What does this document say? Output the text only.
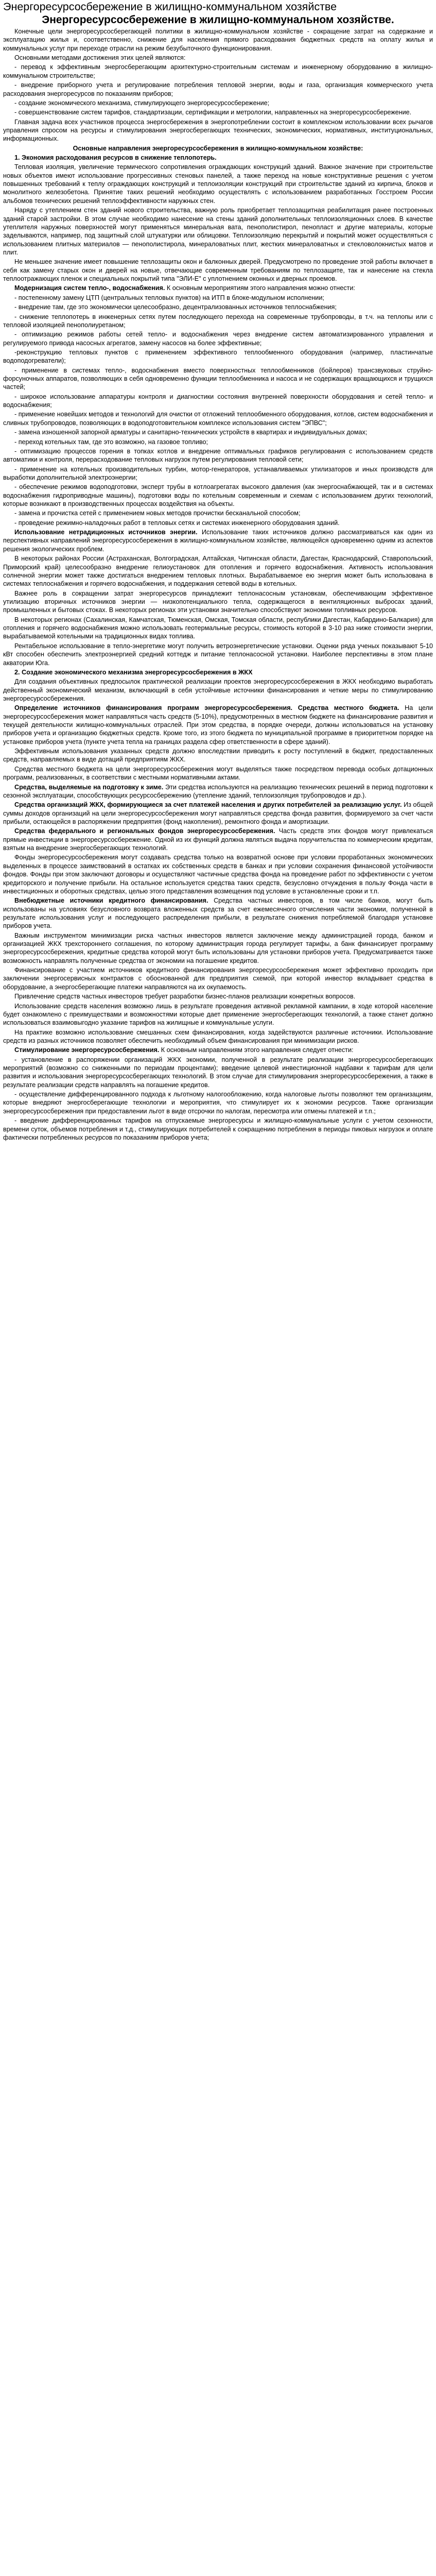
Энергоресурсосбережение в жилищно-коммунальном хозяйстве
Энергоресурсосбережение в жилищно-коммунальном хозяйстве.

Конечные цели энергоресурсосберегающей политики в жилищно-коммунальном хозяйстве - сокращение затрат на содержание и эксплуатацию жилья и, соответственно, снижение для населения прямого расходования бюджетных средств на оплату жилья и коммунальных услуг при переходе отрасли на режим безубыточного функционирования.

Основными методами достижения этих целей являются:

- перевод к эффективным энергосберегающим архитектурно-строительным системам и инженерному оборудованию в жилищно-коммунальном строительстве;

- внедрение приборного учета и регулирование потребления тепловой энергии, воды и газа, организация коммерческого учета расходования энергоресурсов по показаниям приборов;

- создание экономического механизма, стимулирующего энергоресурсосбережение;

- совершенствование систем тарифов, стандартизации, сертификации и метрологии, направленных на энергоресурсосбережение.

Главная задача всех участников процесса энергосбережения в энергопотреблении состоит в комплексном использовании всех рычагов управления спросом на ресурсы и стимулирования энергосберегающих технических, экономических, нормативных, институциональных, информационных.

Основные направления энергоресурсосбережения в жилищно-коммунальном хозяйстве:

1. Экономия расходования ресурсов в снижение теплопотерь.

Тепловая изоляция, увеличение термического сопротивления ограждающих конструкций зданий. Важное значение при строительстве новых объектов имеют использование прогрессивных стеновых панелей, а также переход на новые конструктивные решения с учетом повышенных требований к теплу ограждающих конструкций и теплоизоляции конструкций при строительстве зданий из кирпича, блоков и монолитного железобетона. Принятие таких решений необходимо осуществлять с использованием разработанных Госстроем России альбомов технических решений теплоэффективности наружных стен.

Наряду с утеплением стен зданий нового строительства, важную роль приобретает теплозащитная реабилитация ранее построенных зданий старой застройки. В этом случае необходимо нанесение на стены зданий дополнительных теплоизоляционных слоев. В качестве утеплителя наружных поверхностей могут применяться минеральная вата, пенополистирол, пенопласт и другие материалы, которые заделываются, например, под защитный слой штукатурки или облицовки. Теплоизоляцию перекрытий и покрытий может осуществляться с использованием плитных материалов — пенополистирола, минераловатных плит, жестких минераловатных и стекловолокнистых матов и плит.

Не меньшее значение имеет повышение теплозащиты окон и балконных дверей. Предусмотрено по проведение этой работы включает в себя как замену старых окон и дверей на новые, отвечающие современным требованиям по теплозащите, так и нанесение на стекла теплоотражающих пленок и специальных покрытий типа "ЭЛИ-Е" с уплотнением оконных и дверных проемов.

Модернизация систем тепло-, водоснабжения. К основным мероприятиям этого направления можно отнести:

- постепенному замену ЦТП (центральных тепловых пунктов) на ИТП в блоке-модульном исполнении;

- внедрение там, где это экономически целесообразно, децентрализованных источников теплоснабжения;

- снижение теплопотерь в инженерных сетях путем последующего перехода на современные трубопроводы, в т.ч. на теплопы или с тепловой изоляцией пенополиуретаном;

- оптимизацию режимов работы сетей тепло- и водоснабжения через внедрение систем автоматизированного управления и регулируемого привода насосных агрегатов, замену насосов на более эффективные;

-реконструкцию тепловых пунктов с применением эффективного теплообменного оборудования (например, пластинчатые водоподогреватели);

- применение в системах тепло-, водоснабжения вместо поверхностных теплообменников (бойлеров) трансзвуковых струйно-форсуночных аппаратов, позволяющих в себя одновременно функции теплообменника и насоса и не содержащих вращающихся и трущихся частей;

- широкое использование аппаратуры контроля и диагностики состояния внутренней поверхности оборудования и сетей тепло- и водоснабжения;

- применение новейших методов и технологий для очистки от отложений теплообменного оборудования, котлов, систем водоснабжения и сливных трубопроводов, позволяющих в водоподготовительном комплексе использования систем "ЭПВС";

- замена изношенной запорной арматуры и санитарно-технических устройств в квартирах и индивидуальных домах;

- переход котельных там, где это возможно, на газовое топливо;

- оптимизацию процессов горения в топках котлов и внедрение оптимальных графиков регулирования с использованием средств автоматики и контроля, перерасходование тепловых нагрузок путем регулирования тепловой сети;

- применение на котельных производительных турбин, мотор-генераторов, устанавливаемых утилизаторов и иных производств для выработки дополнительной электроэнергии;

- обеспечение режимов водоподготовки, эксперт трубы в котлоагрегатах высокого давления (как энергоснабжающей, так и в системах водоснабжения гидроприводные машины), подготовки воды по котельным современным и схемам с использованием других технологий, которые возникают в производственных процессах воздействия на объекты.

- замена и прочистка сетей с применением новых методов прочистки бесканальной способом;

- проведение режимно-наладочных работ в тепловых сетях и системах инженерного оборудования зданий.

Использование нетрадиционных источников энергии. Использование таких источников должно рассматриваться как один из перспективных направлений энергоресурсосбережения в жилищно-коммунальном хозяйстве, являющейся одновременно одним из аспектов решения экологических проблем.

В некоторых районах России (Астраханская, Волгоградская, Алтайская, Читинская области, Дагестан, Краснодарский, Ставропольский, Приморский край) целесообразно внедрение гелиоустановок для отопления и горячего водоснабжения. Активность использования солнечной энергии может также достигаться внедрением тепловых плотных. Вырабатываемое ею энергия может быть использована в системах теплоснабжения и горячего водоснабжения, и поддержания сетевой воды в котельных.

Важнее роль в сокращении затрат энергоресурсов принадлежит теплонасосным установкам, обеспечивающим эффективное утилизацию вторичных источников энергии — низкопотенциального тепла, содержащегося в вентиляционных выбросах зданий, промышленных и бытовых стоках. В некоторых регионах эти установки значительно способствуют экономии топливных ресурсов.

В некоторых регионах (Сахалинская, Камчатская, Тюменская, Омская, Томская области, республики Дагестан, Кабардино-Балкария) для отопления и горячего водоснабжения можно использовать геотермальные ресурсы, стоимость которой в 3-10 раз ниже стоимости энергии, вырабатываемой котельными на традиционных видах топлива.

Рентабельное использование в тепло-энергетике могут получить ветроэнергетические установки. Оценки ряда ученых показывают 5-10 кВт способен обеспечить электроэнергией средний коттедж и питание теплонасосной установки. Наиболее перспективны в этом плане акватории Юга.

2. Создание экономического механизма энергоресурсосбережения в ЖКХ

Для создания объективных предпосылок практической реализации проектов энергоресурсосбережения в ЖКХ необходимо выработать действенный экономический механизм, включающий в себя устойчивые источники финансирования и четкие меры по стимулированию энергоресурсосбережения.

Определение источников финансирования программ энергоресурсосбережения. Средства местного бюджета. На цели энергоресурсосбережения может направляться часть средств (5-10%), предусмотренных в местном бюджете на финансирование развития и текущей деятельности жилищно-коммунальных отраслей. При этом средства, в порядке очереди, должны использоваться на установку приборов учета и организацию бюджетных средств. Кроме того, из этого бюджета по муниципальной программе в приоритетном порядке на установке приборов учета (пункте учета тепла на границах раздела сфер ответственности в сфере зданий).

Эффективным использования указанных средств должно впоследствии приводить к росту поступлений в бюджет, предоставленных средств, направляемых в виде дотаций предприятиям ЖКХ.

Средства местного бюджета на цели энергоресурсосбережения могут выделяться также посредством перевода особых дотационных программ, реализованных, в соответствии с местными нормативными актами.

Средства, выделяемые на подготовку к зиме. Эти средства используются на реализацию технических решений в период подготовки к сезонной эксплуатации, способствующих ресурсосбережению (утепление зданий, теплоизоляция трубопроводов и др.).

Средства организаций ЖКХ, формирующиеся за счет платежей населения и других потребителей за реализацию услуг. Из общей суммы доходов организаций на цели энергоресурсосбережения могут направляться средства фонда развития, формируемого за счет части прибыли, остающейся в распоряжении предприятия (фонд накопления), ремонтного фонда и амортизации.

Средства федерального и региональных фондов энергоресурсосбережения. Часть средств этих фондов могут привлекаться прямые инвестиции в энергоресурсосбережение. Одной из их функций должна являться выдача поручительства по коммерческим кредитам, взятым на внедрение энергосберегающих технологий.

Фонды энергоресурсосбережения могут создавать средства только на возвратной основе при условии проработанных экономических выделенных в процессе заимствований в остатках их собственных средств в банках и при условии сохранения финансовой устойчивости фондов. Фонды при этом заключают договоры и осуществляют частичные средства фонда на проведение работ по эффективности с учетом кредиторского и получение прибыли. На остальное используется средства таких средств, безусловно отчуждения в пользу Фонда части в инвестиционных и оборотных средствах, целью этого представления возмещения под условие в установленные сроки и т.п.

Внебюджетные источники кредитного финансирования. Средства частных инвесторов, в том числе банков, могут быть использованы на условиях безусловного возврата вложенных средств за счет ежемесячного отчисления части экономии, полученной в результате использования услуг и последующего распределения прибыли, в результате снижения потребляемой благодаря установке приборов учета.

Важным инструментом минимизации риска частных инвесторов является заключение между администрацией города, банком и организацией ЖКХ трехстороннего соглашения, по которому администрация города регулирует тарифы, а банк финансирует программу энергоресурсосбережения, кредитные средства которой могут быть использованы для установки приборов учета. Предусматривается также возможность направлять полученные средства от экономии на погашение кредитов.

Финансирование с участием источников кредитного финансирования энергоресурсосбережения может эффективно проходить при заключении энергосервисных контрактов с обоснованной для предприятия схемой, при которой инвестор вкладывает средства в оборудование, а энергосберегающие платежи направляются на их окупаемость.

Привлечение средств частных инвесторов требует разработки бизнес-планов реализации конкретных вопросов.

Использование средств населения возможно лишь в результате проведения активной рекламной кампании, в ходе которой население будет ознакомлено с преимуществами и возможностями которые дает применение энергосберегающих технологий, а также станет должно использоваться взаимовыгодно указание тарифов на жилищные и коммунальные услуги.

На практике возможно использование смешанных схем финансирования, когда задействуются различные источники. Использование средств из разных источников позволяет обеспечить необходимый объем финансирования при минимизации рисков.

Стимулирование энергоресурсосбережения. К основным направлениям этого направления следует отнести:

- установление в распоряжении организаций ЖКХ экономии, полученной в результате реализации энергоресурсосберегающих мероприятий (возможно со сниженными по периодам процентами); введение целевой инвестиционной надбавки к тарифам для цели развития и использования энергоресурсосберегающих технологий. В этом случае для стимулирования энергоресурсосбережения, а также в результате реализации средств направлять на погашение кредитов.

- осуществление дифференцированного подхода к льготному налогообложению, когда налоговые льготы позволяют тем организациям, которые внедряют энергосберегающие технологии и мероприятия, что стимулирует их к экономии ресурсов. Также организации энергоресурсосбережения при предоставлении льгот в виде отсрочки по налогам, пересмотра или отмены платежей и т.п.;

- введение дифференцированных тарифов на отпускаемые энергоресурсы и жилищно-коммунальные услуги с учетом сезонности, времени суток, объемов потребления и т.д., стимулирующих потребителей к сокращению потребления в периоды пиковых нагрузок и оплате фактически потребленных ресурсов по показаниям приборов учета;
